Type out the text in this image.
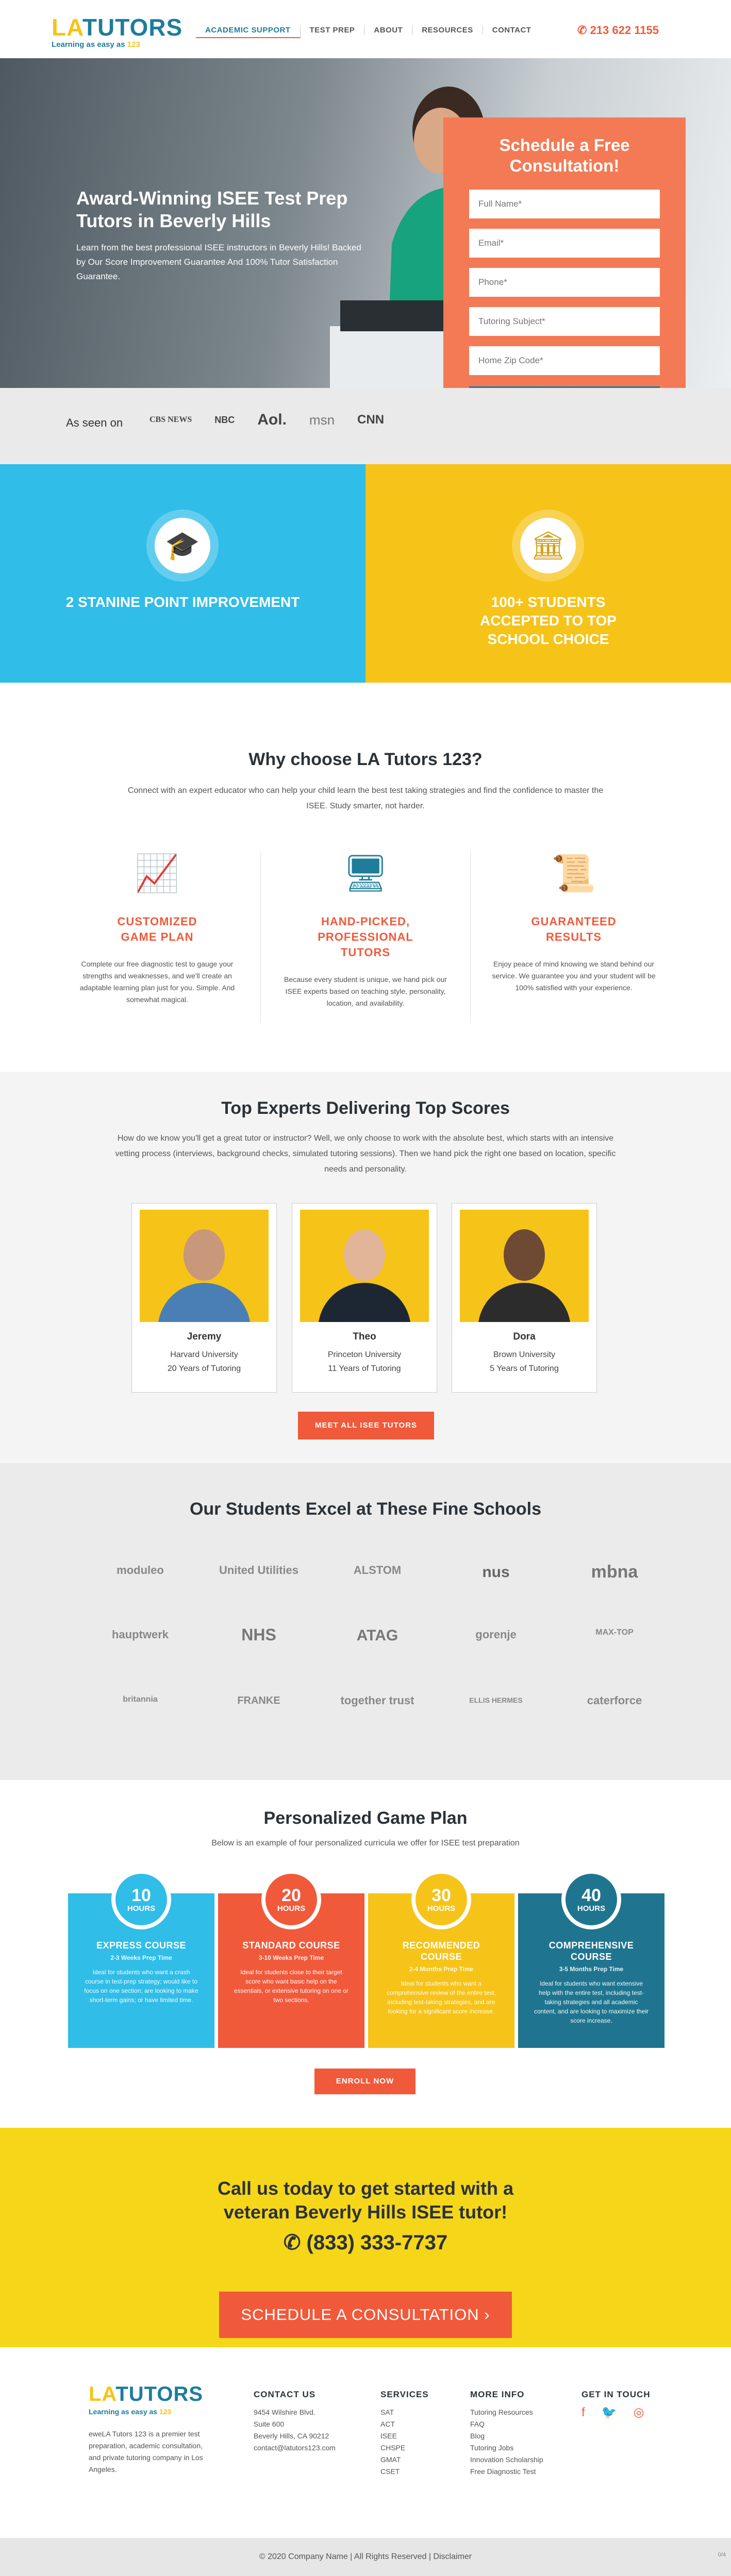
LATUTORS
Learning as easy as 123
ACADEMIC SUPPORT	TEST PREP	ABOUT	RESOURCES	CONTACT	✆ 213 622 1155
Award-Winning ISEE Test Prep Tutors in Beverly Hills

Learn from the best professional ISEE instructors in Beverly Hills! Backed by Our Score Improvement Guarantee And 100% Tutor Satisfaction Guarantee.

Schedule a Free Consultation!
Full Name*
Email*
Phone*
Tutoring Subject*
Home Zip Code*
As seen on	CBS NEWS NBC Aol. msn CNN
🎓
2 STANINE POINT IMPROVEMENT
🏛
100+ STUDENTS ACCEPTED TO TOP SCHOOL CHOICE
Why choose LA Tutors 123?
Connect with an expert educator who can help your child learn the best test taking strategies and find the confidence to master the ISEE. Study smarter, not harder.
📈
CUSTOMIZED GAME PLAN

Complete our free diagnostic test to gauge your strengths and weaknesses, and we'll create an adaptable learning plan just for you. Simple. And somewhat magical.

🖥
HAND-PICKED, PROFESSIONAL TUTORS

Because every student is unique, we hand pick our ISEE experts based on teaching style, personality, location, and availability.

📜
GUARANTEED RESULTS

Enjoy peace of mind knowing we stand behind our service. We guarantee you and your student will be 100% satisfied with your experience.

Top Experts Delivering Top Scores
How do we know you'll get a great tutor or instructor? Well, we only choose to work with the absolute best, which starts with an intensive vetting process (interviews, background checks, simulated tutoring sessions). Then we hand pick the right one based on location, specific needs and personality.
Jeremy
Harvard University
20 Years of Tutoring
Theo
Princeton University
11 Years of Tutoring
Dora
Brown University
5 Years of Tutoring
MEET ALL ISEE TUTORS
Our Students Excel at These Fine Schools
moduleo	United Utilities	ALSTOM	nus	mbna
hauptwerk	NHS	ATAG	gorenje	MAX-TOP
britannia	FRANKE	together trust	ELLIS HERMES	caterforce
Personalized Game Plan
Below is an example of four personalized curricula we offer for ISEE test preparation
10
HOURS
EXPRESS COURSE
2-3 Weeks Prep Time

Ideal for students who want a crash course in test-prep strategy; would like to focus on one section; are looking to make short-term gains; or have limited time.

20
HOURS
STANDARD COURSE
3-10 Weeks Prep Time

Ideal for students close to their target score who want basic help on the essentials, or extensive tutoring on one or two sections.

30
HOURS
RECOMMENDED COURSE
2-4 Months Prep Time

Ideal for students who want a comprehensive review of the entire test, including test-taking strategies, and are looking for a significant score increase.

40
HOURS
COMPREHENSIVE COURSE
3-5 Months Prep Time

Ideal for students who want extensive help with the entire test, including test-taking strategies and all academic content, and are looking to maximize their score increase.

ENROLL NOW
Call us today to get started with a veteran Beverly Hills ISEE tutor!
✆ (833) 333-7737
SCHEDULE A CONSULTATION ›
LATUTORS
Learning as easy as 123
eweLA Tutors 123 is a premier test preparation, academic consultation, and private tutoring company in Los Angeles.
CONTACT US
9454 Wilshire Blvd.
Suite 600
Beverly Hills, CA 90212
contact@latutors123.com
SERVICES
SAT
ACT
ISEE
CHSPE
GMAT
CSET
MORE INFO
Tutoring Resources
FAQ
Blog
Tutoring Jobs
Innovation Scholarship
Free Diagnostic Test
GET IN TOUCH
f 🐦 ◎
© 2020 Company Name | All Rights Reserved | Disclaimer	0/4
